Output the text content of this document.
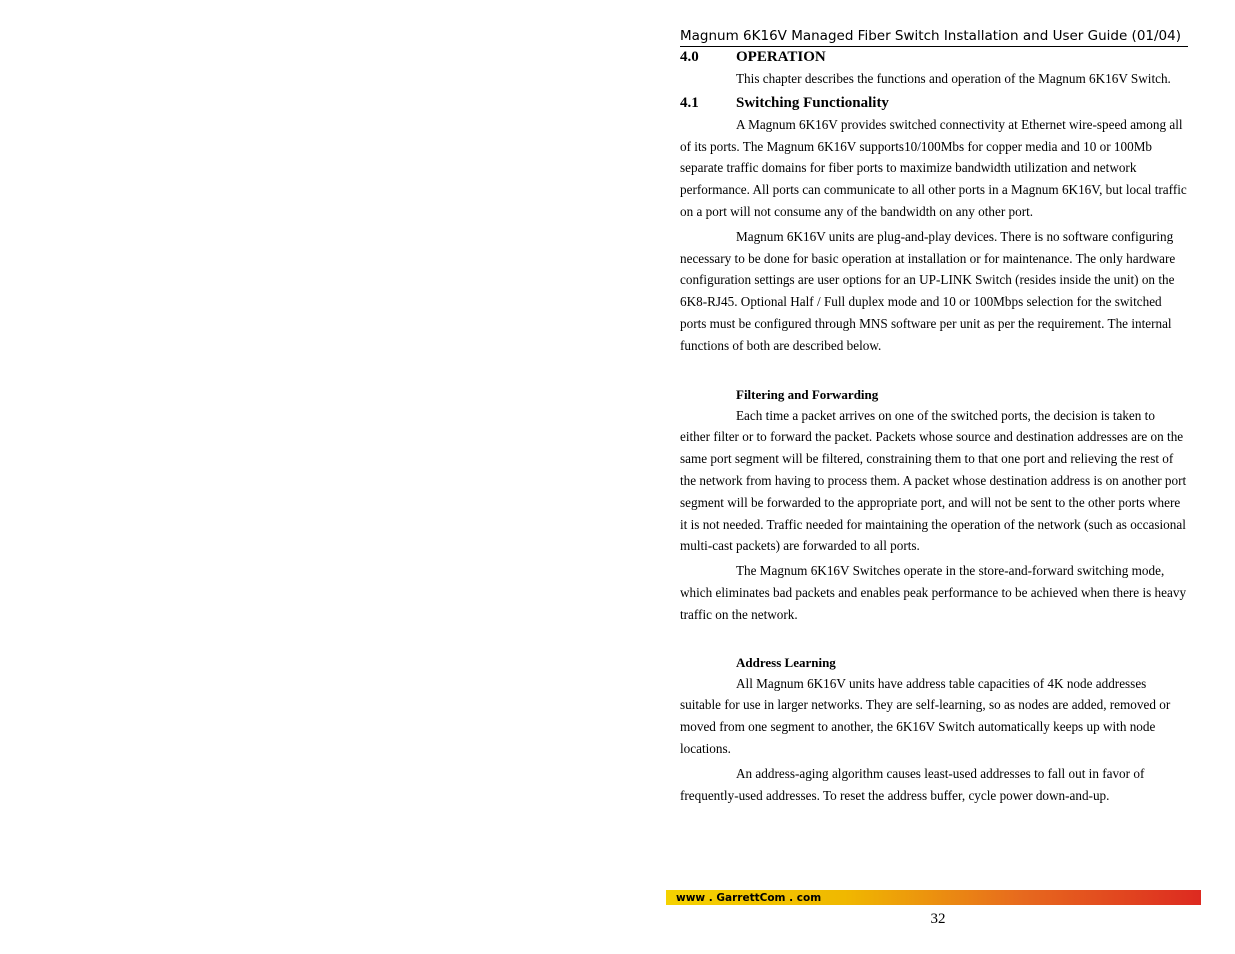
Magnum 6K16V Managed Fiber Switch Installation and User Guide (01/04)
4.0 OPERATION

This chapter describes the functions and operation of the Magnum 6K16V Switch.

4.1 Switching Functionality

A Magnum 6K16V provides switched connectivity at Ethernet wire-speed among all of its ports. The Magnum 6K16V supports10/100Mbs for copper media and 10 or 100Mb separate traffic domains for fiber ports to maximize bandwidth utilization and network performance. All ports can communicate to all other ports in a Magnum 6K16V, but local traffic on a port will not consume any of the bandwidth on any other port.

Magnum 6K16V units are plug-and-play devices. There is no software configuring necessary to be done for basic operation at installation or for maintenance. The only hardware configuration settings are user options for an UP-LINK Switch (resides inside the unit) on the 6K8-RJ45. Optional Half / Full duplex mode and 10 or 100Mbps selection for the switched ports must be configured through MNS software per unit as per the requirement. The internal functions of both are described below.

Filtering and Forwarding

Each time a packet arrives on one of the switched ports, the decision is taken to either filter or to forward the packet. Packets whose source and destination addresses are on the same port segment will be filtered, constraining them to that one port and relieving the rest of the network from having to process them. A packet whose destination address is on another port segment will be forwarded to the appropriate port, and will not be sent to the other ports where it is not needed. Traffic needed for maintaining the operation of the network (such as occasional multi-cast packets) are forwarded to all ports.

The Magnum 6K16V Switches operate in the store-and-forward switching mode, which eliminates bad packets and enables peak performance to be achieved when there is heavy traffic on the network.

Address Learning

All Magnum 6K16V units have address table capacities of 4K node addresses suitable for use in larger networks. They are self-learning, so as nodes are added, removed or moved from one segment to another, the 6K16V Switch automatically keeps up with node locations.

An address-aging algorithm causes least-used addresses to fall out in favor of frequently-used addresses. To reset the address buffer, cycle power down-and-up.

www . GarrettCom . com
32
